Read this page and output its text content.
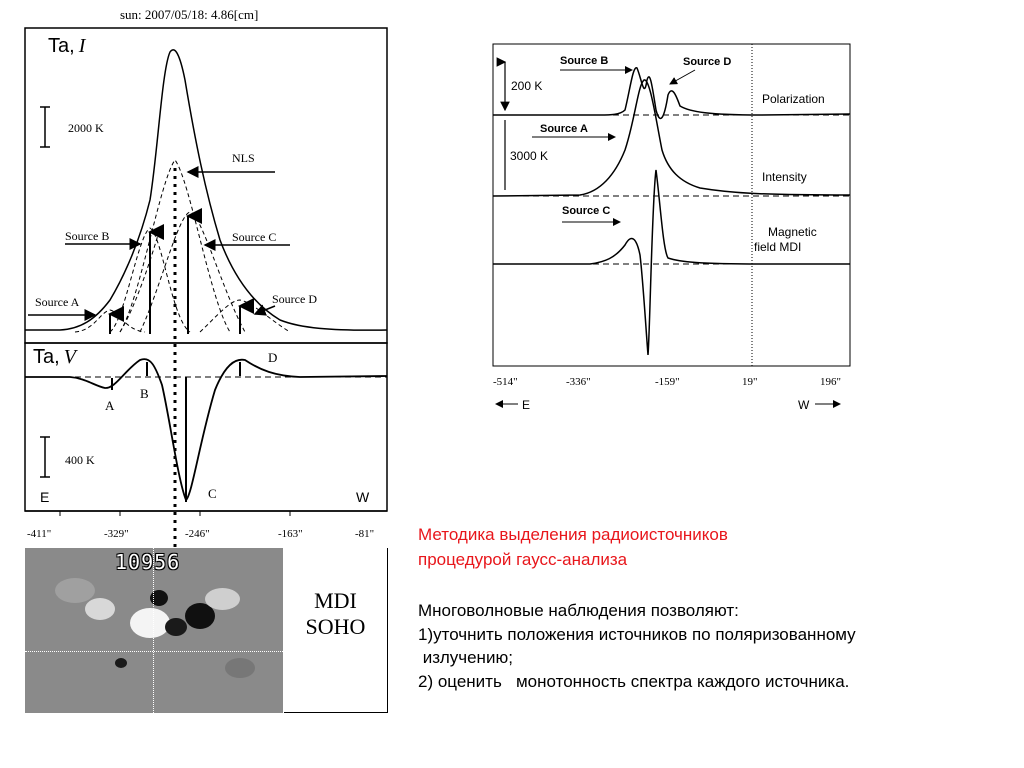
sun: 2007/05/18: 4.86[cm]
Ta, I
Ta, V
2000 K
400 K
NLS
Source B	Source C
Source A	Source D
A
B
C
D
E	W
-411"	-329"	-246"	-163"	-81"
200 K
3000 K
Polarization
Intensity
Magnetic
field MDI
Source B	Source D
Source A
Source C
-514"	-336"	-159"	19"	196"
E	W
10956
MDI
SOHO
Методика выделения радиоисточников
процедурой гаусс-анализа
Многоволновые наблюдения позволяют:
1)уточнить положения источников по поляризованному
излучению;
2) оценить   монотонность спектра каждого источника.
